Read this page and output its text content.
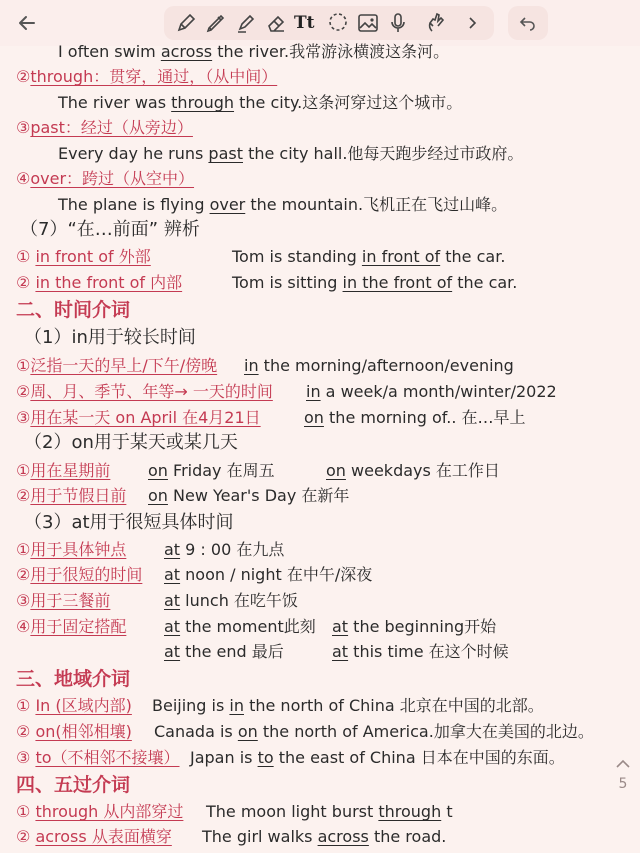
Tt
I often swim across the river.我常游泳横渡这条河。
②through：贯穿，通过，（从中间）
The river was through the city.这条河穿过这个城市。
③past：经过（从旁边）
Every day he runs past the city hall.他每天跑步经过市政府。
④over：跨过（从空中）
The plane is flying over the mountain.飞机正在飞过山峰。
（7）“在…前面” 辨析
① in front of 外部	Tom is standing in front of the car.
② in the front of 内部	Tom is sitting in the front of the car.
二、时间介词
（1）in用于较长时间
①泛指一天的早上/下午/傍晚 in the morning/afternoon/evening
②周、月、季节、年等→ 一天的时间 in a week/a month/winter/2022
③用在某一天 on April 在4月21日	on the morning of.. 在…早上
（2）on用于某天或某几天
①用在星期前 on Friday 在周五	on weekdays 在工作日
②用于节假日前 on New Year's Day 在新年
（3）at用于很短具体时间
①用于具体钟点 at 9 : 00 在九点
②用于很短的时间 at noon / night 在中午/深夜
③用于三餐前	at lunch 在吃午饭
④用于固定搭配 at the moment此刻 at the beginning开始
at the end 最后	at this time 在这个时候
三、地域介词
① In (区域内部) Beijing is in the north of China 北京在中国的北部。
② on(相邻相壤) Canada is on the north of America.加拿大在美国的北边。
③ to（不相邻不接壤） Japan is to the east of China 日本在中国的东面。
四、五过介词
① through 从内部穿过 The moon light burst through t
② across 从表面横穿 The girl walks across the road.
5
